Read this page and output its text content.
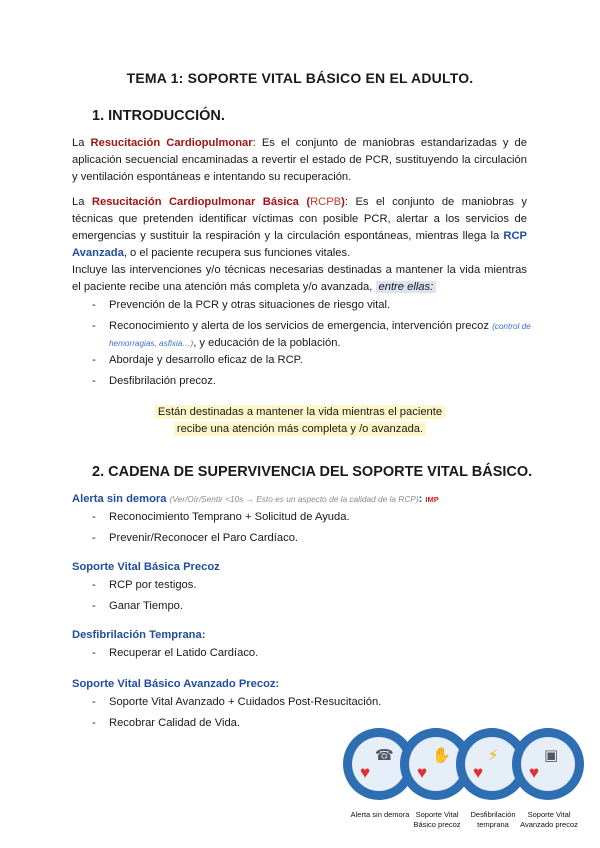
TEMA 1: SOPORTE VITAL BÁSICO EN EL ADULTO.
1. INTRODUCCIÓN.
La Resucitación Cardiopulmonar: Es el conjunto de maniobras estandarizadas y de aplicación secuencial encaminadas a revertir el estado de PCR, sustituyendo la circulación y ventilación espontáneas e intentando su recuperación.
La Resucitación Cardiopulmonar Básica (RCPB): Es el conjunto de maniobras y técnicas que pretenden identificar víctimas con posible PCR, alertar a los servicios de emergencias y sustituir la respiración y la circulación espontáneas, mientras llega la RCP Avanzada, o el paciente recupera sus funciones vitales.
Incluye las intervenciones y/o técnicas necesarias destinadas a mantener la vida mientras el paciente recibe una atención más completa y/o avanzada, entre ellas:
- Prevención de la PCR y otras situaciones de riesgo vital.
- Reconocimiento y alerta de los servicios de emergencia, intervención precoz (control de hemorragias, asfixia…), y educación de la población.
- Abordaje y desarrollo eficaz de la RCP.
- Desfibrilación precoz.
Están destinadas a mantener la vida mientras el paciente
recibe una atención más completa y /o avanzada.
2. CADENA DE SUPERVIVENCIA DEL SOPORTE VITAL BÁSICO.
Alerta sin demora (Ver/Oír/Sentir <10s → Esto es un aspecto de la calidad de la RCP): IMP
- Reconocimiento Temprano + Solicitud de Ayuda.
- Prevenir/Reconocer el Paro Cardíaco.
Soporte Vital Básica Precoz
- RCP por testigos.
- Ganar Tiempo.
Desfibrilación Temprana:
- Recuperar el Latido Cardíaco.
Soporte Vital Básico Avanzado Precoz:
- Soporte Vital Avanzado + Cuidados Post-Resucitación.
- Recobrar Calidad de Vida.
☎
♥
✋
♥
⚡
♥
▣
♥
Alerta sin demora Soporte Vital
Básico precoz
Desfibrilación
temprana
Soporte Vital
Avanzado precoz
